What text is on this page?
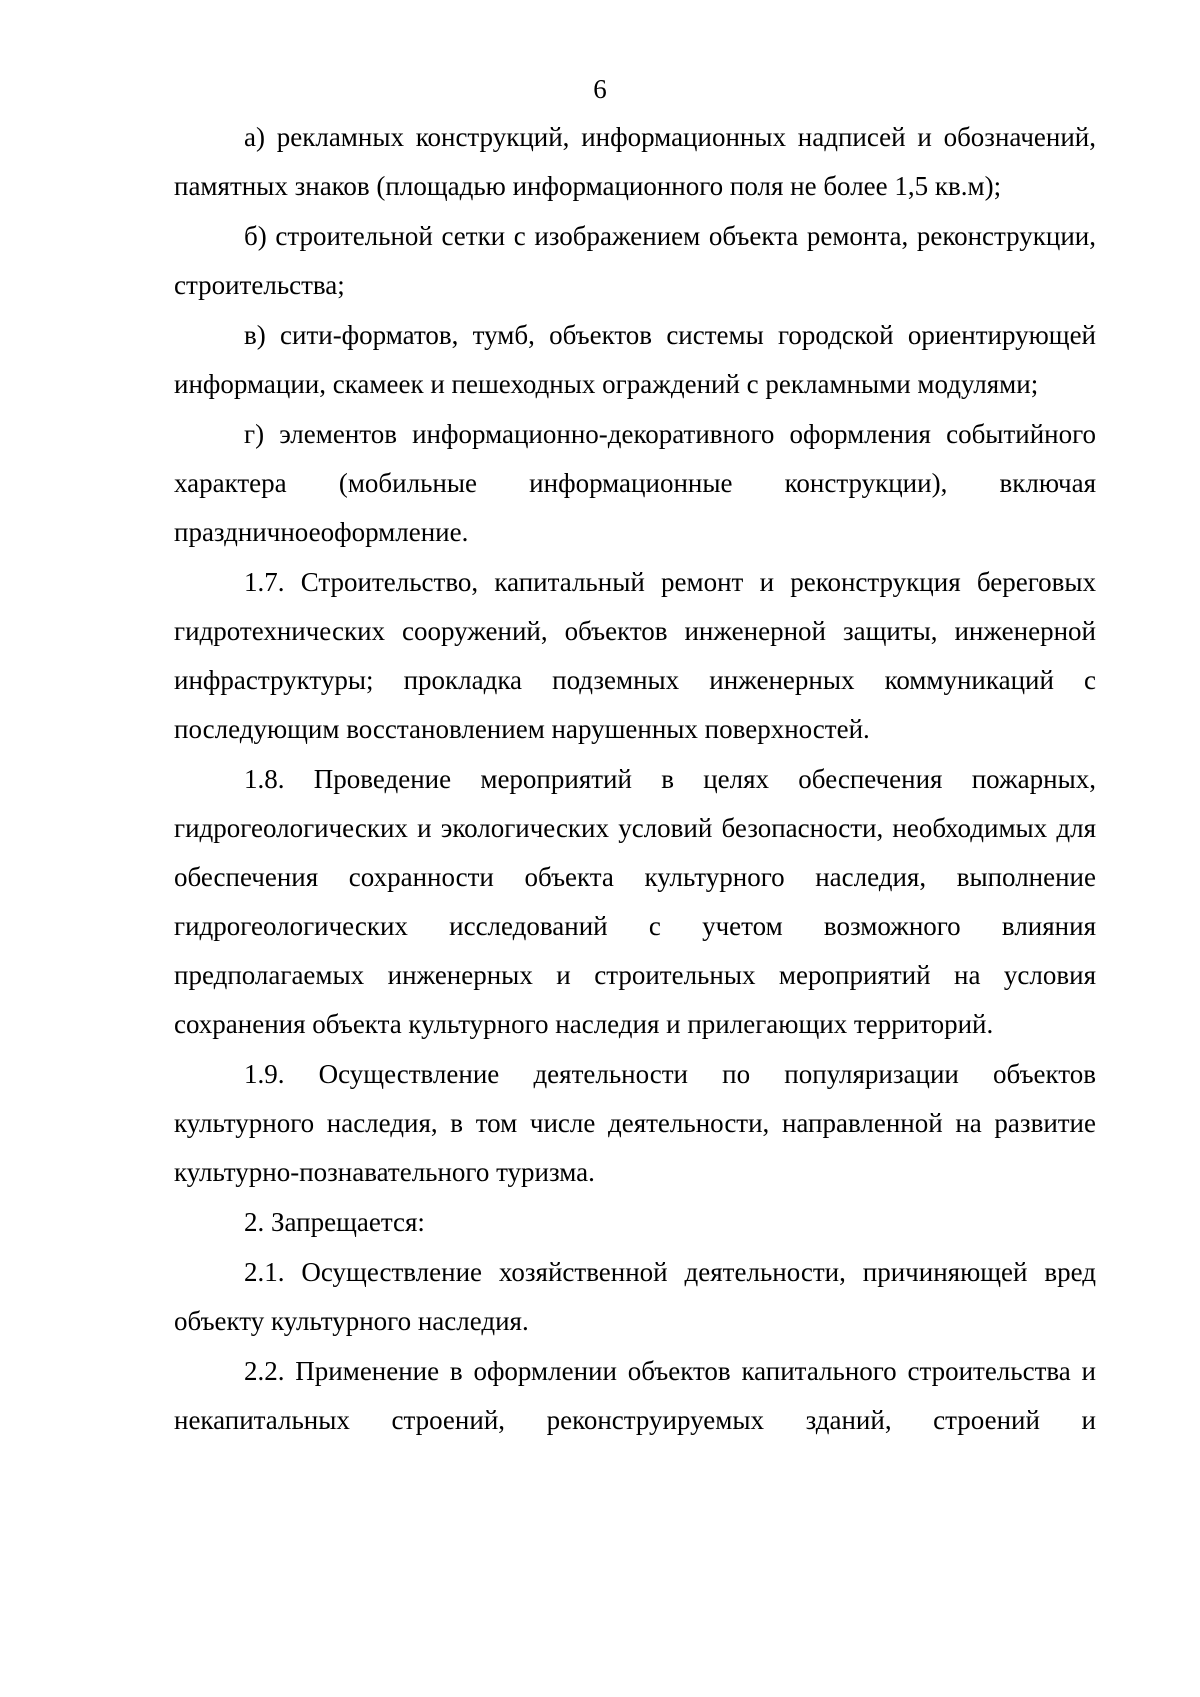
6

а) рекламных конструкций, информационных надписей и обозначений, памятных знаков (площадью информационного поля не более 1,5 кв.м);

б) строительной сетки с изображением объекта ремонта, реконструкции, строительства;

в) сити-форматов, тумб, объектов системы городской ориентирующей информации, скамеек и пешеходных ограждений с рекламными модулями;

г) элементов информационно-декоративного оформления событийного характера (мобильные информационные конструкции), включая праздничноеоформление.

1.7. Строительство, капитальный ремонт и реконструкция береговых гидротехнических сооружений, объектов инженерной защиты, инженерной инфраструктуры; прокладка подземных инженерных коммуникаций с последующим восстановлением нарушенных поверхностей.

1.8. Проведение мероприятий в целях обеспечения пожарных, гидрогеологических и экологических условий безопасности, необходимых для обеспечения сохранности объекта культурного наследия, выполнение гидрогеологических исследований с учетом возможного влияния предполагаемых инженерных и строительных мероприятий на условия сохранения объекта культурного наследия и прилегающих территорий.

1.9. Осуществление деятельности по популяризации объектов культурного наследия, в том числе деятельности, направленной на развитие культурно-познавательного туризма.

2. Запрещается:

2.1. Осуществление хозяйственной деятельности, причиняющей вред объекту культурного наследия.

2.2. Применение в оформлении объектов капитального строительства и некапитальных строений, реконструируемых зданий, строений и
